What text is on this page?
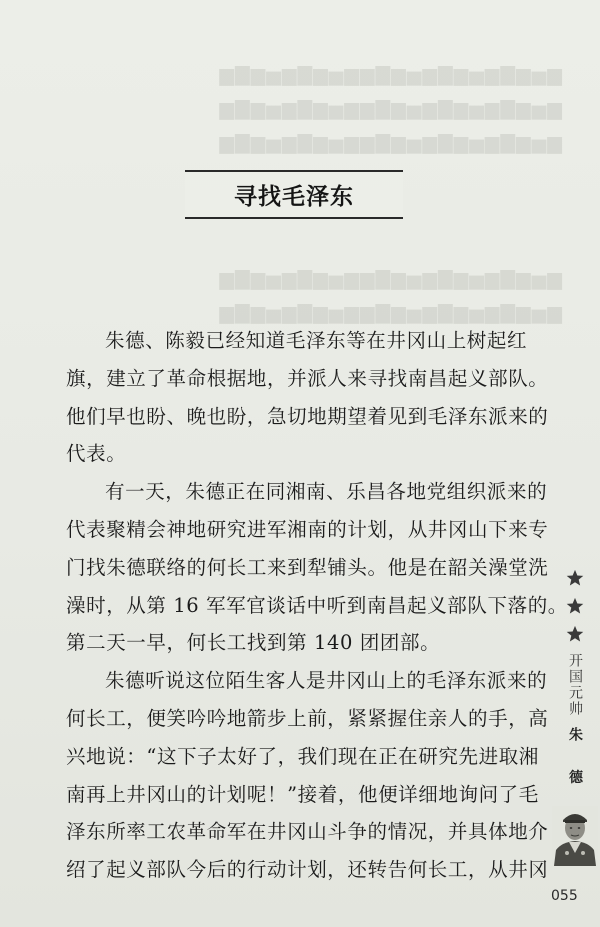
▆▅▆▇▆▅▆▇▆▅▆▇▆▆▅▆▇▆▅▆▇▆
▆▅▆▇▆▅▆▇▆▅▆▇▆▆▅▆▇▆▅▆▇▆
▆▅▆▇▆▅▆▇▆▅▆▇▆▆▅▆▇▆▅▆▇▆

▆▅▆▇▆▅▆▇▆▅▆▇▆▆▅▆▇▆▅▆▇▆
▆▅▆▇▆▅▆▇▆▅▆▇▆▆▅▆▇▆▅▆▇▆
寻找毛泽东
朱德、陈毅已经知道毛泽东等在井冈山上树起红
旗，建立了革命根据地，并派人来寻找南昌起义部队。
他们早也盼、晚也盼，急切地期望着见到毛泽东派来的
代表。
有一天，朱德正在同湘南、乐昌各地党组织派来的
代表聚精会神地研究进军湘南的计划，从井冈山下来专
门找朱德联络的何长工来到犁铺头。他是在韶关澡堂洗
澡时，从第 16 军军官谈话中听到南昌起义部队下落的。
第二天一早，何长工找到第 140 团团部。
朱德听说这位陌生客人是井冈山上的毛泽东派来的
何长工，便笑吟吟地箭步上前，紧紧握住亲人的手，高
兴地说：“这下子太好了，我们现在正在研究先进取湘
南再上井冈山的计划呢！”接着，他便详细地询问了毛
泽东所率工农革命军在井冈山斗争的情况，并具体地介
绍了起义部队今后的行动计划，还转告何长工，从井冈
开国元帅
朱 德
055
